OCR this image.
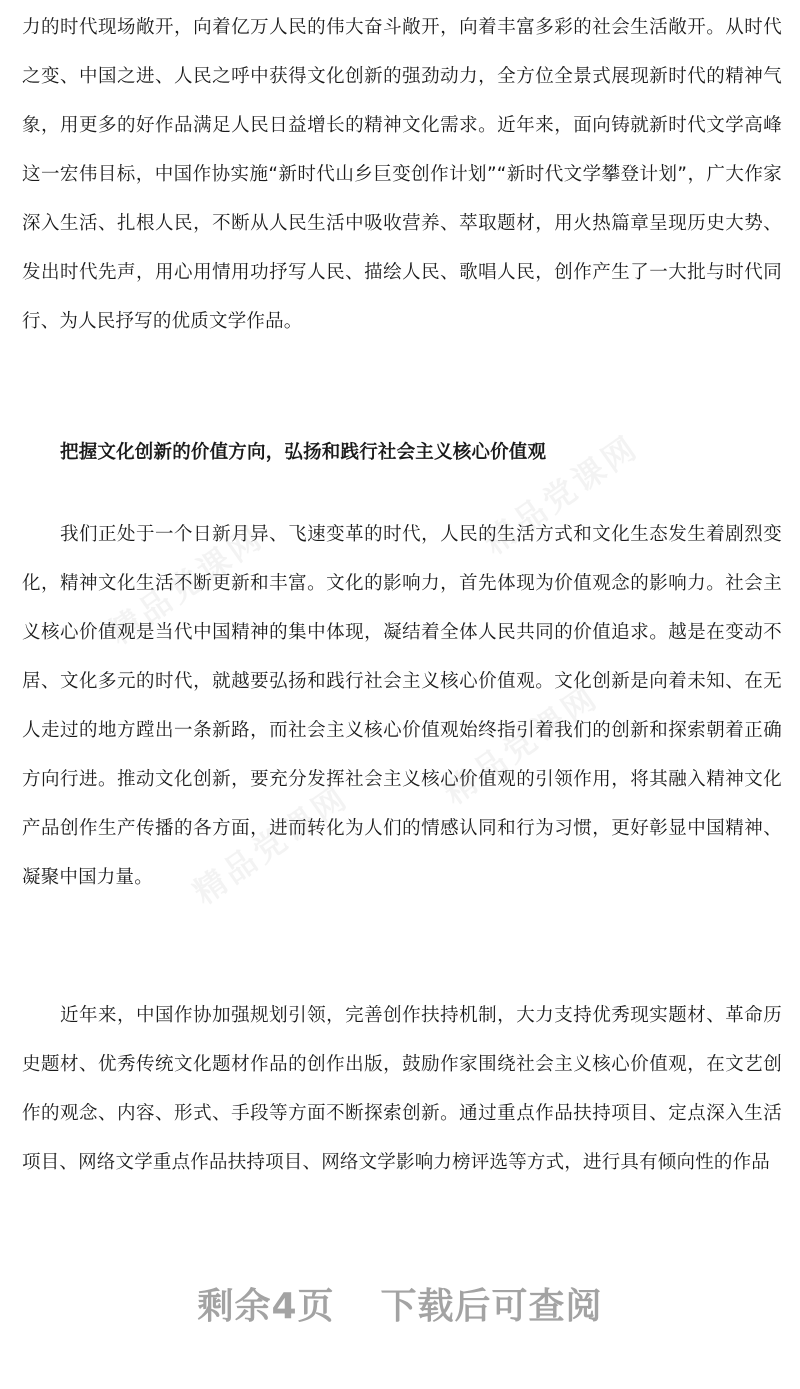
精品党课网
精品党课网
精品党课网
精品党课网

力的时代现场敞开，向着亿万人民的伟大奋斗敞开，向着丰富多彩的社会生活敞开。从时代之变、中国之进、人民之呼中获得文化创新的强劲动力，全方位全景式展现新时代的精神气象，用更多的好作品满足人民日益增长的精神文化需求。近年来，面向铸就新时代文学高峰这一宏伟目标，中国作协实施“新时代山乡巨变创作计划”“新时代文学攀登计划”，广大作家深入生活、扎根人民，不断从人民生活中吸收营养、萃取题材，用火热篇章呈现历史大势、发出时代先声，用心用情用功抒写人民、描绘人民、歌唱人民，创作产生了一大批与时代同行、为人民抒写的优质文学作品。

把握文化创新的价值方向，弘扬和践行社会主义核心价值观

我们正处于一个日新月异、飞速变革的时代，人民的生活方式和文化生态发生着剧烈变化，精神文化生活不断更新和丰富。文化的影响力，首先体现为价值观念的影响力。社会主义核心价值观是当代中国精神的集中体现，凝结着全体人民共同的价值追求。越是在变动不居、文化多元的时代，就越要弘扬和践行社会主义核心价值观。文化创新是向着未知、在无人走过的地方蹚出一条新路，而社会主义核心价值观始终指引着我们的创新和探索朝着正确方向行进。推动文化创新，要充分发挥社会主义核心价值观的引领作用，将其融入精神文化产品创作生产传播的各方面，进而转化为人们的情感认同和行为习惯，更好彰显中国精神、凝聚中国力量。

近年来，中国作协加强规划引领，完善创作扶持机制，大力支持优秀现实题材、革命历史题材、优秀传统文化题材作品的创作出版，鼓励作家围绕社会主义核心价值观，在文艺创作的观念、内容、形式、手段等方面不断探索创新。通过重点作品扶持项目、定点深入生活项目、网络文学重点作品扶持项目、网络文学影响力榜评选等方式，进行具有倾向性的作品

剩余4页 下载后可查阅
